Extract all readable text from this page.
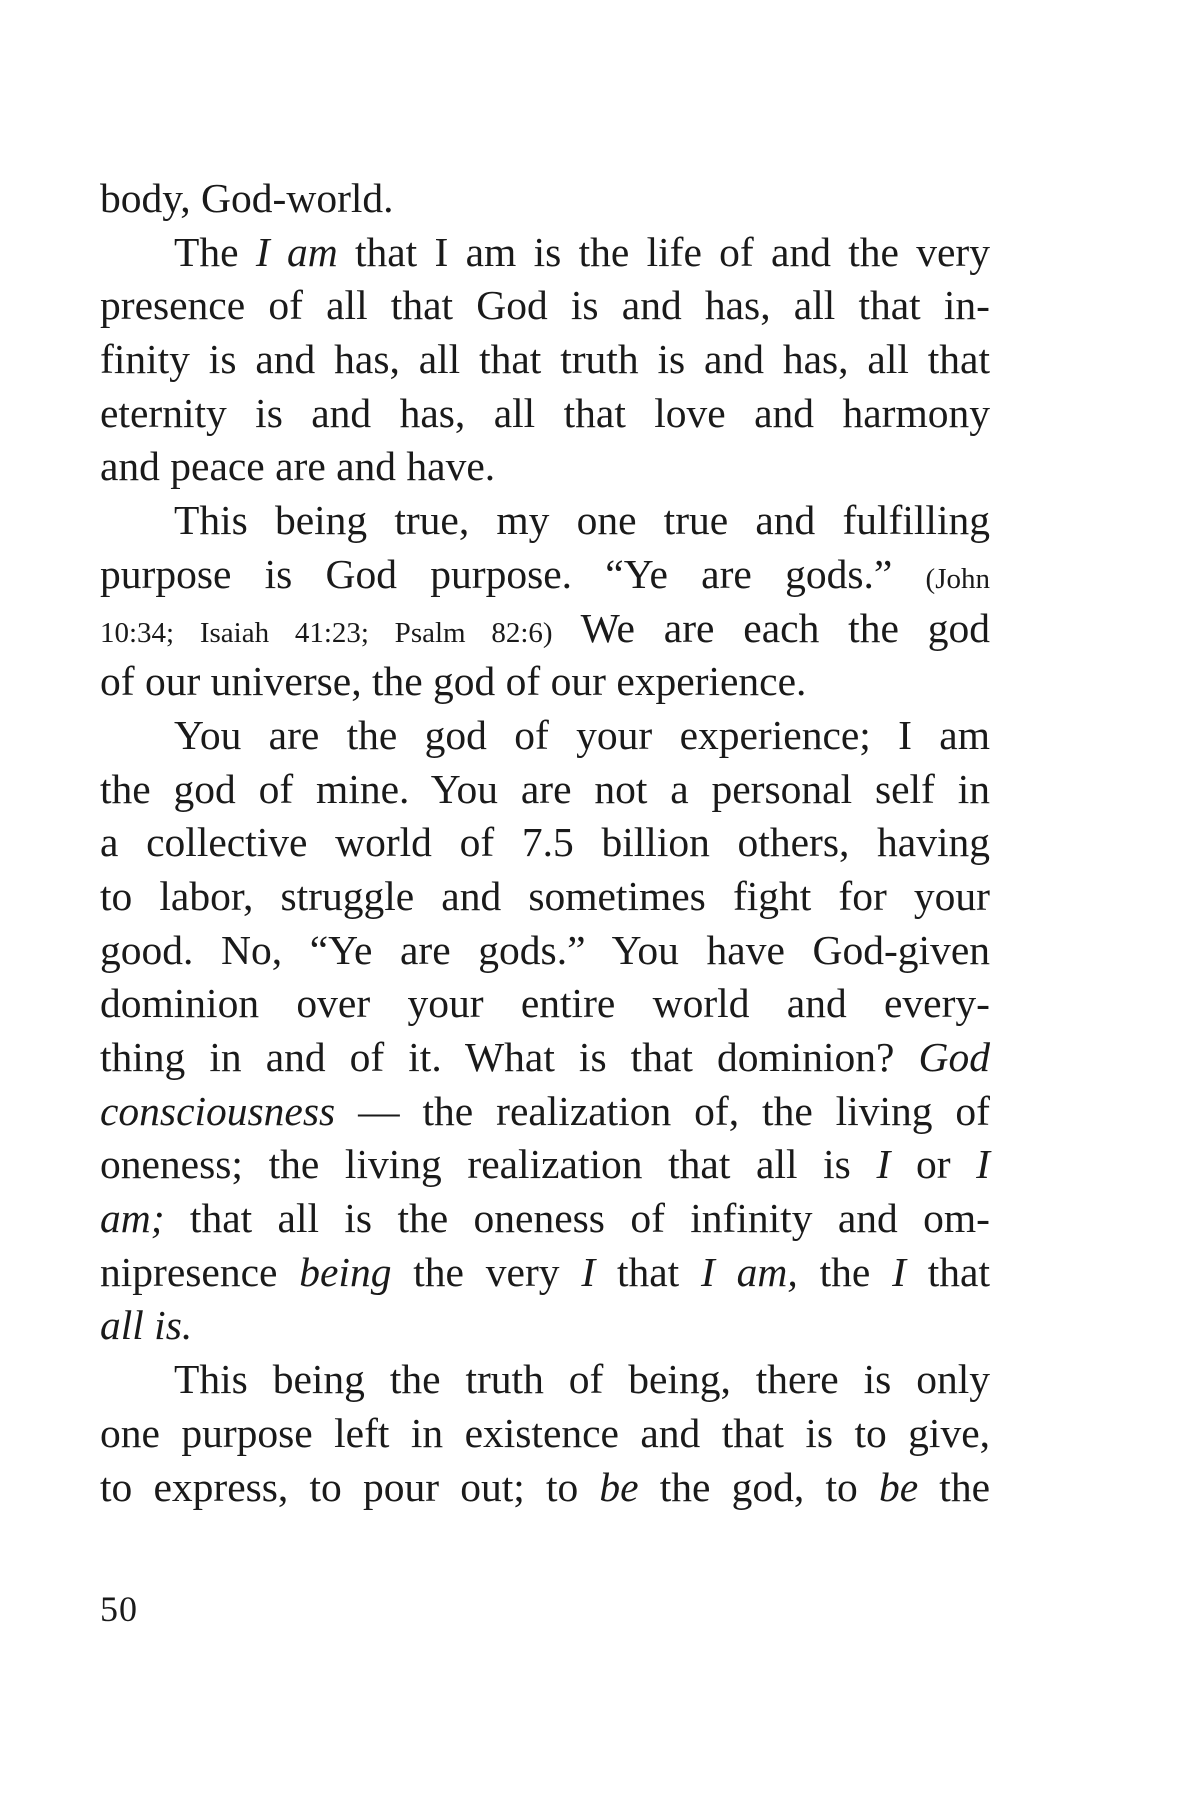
body, God-world.
The I am that I am is the life of and the very
presence of all that God is and has, all that in-
finity is and has, all that truth is and has, all that
eternity is and has, all that love and harmony
and peace are and have.
This being true, my one true and fulfilling
purpose is God purpose. “Ye are gods.” (John
10:34; Isaiah 41:23; Psalm 82:6) We are each the god
of our universe, the god of our experience.
You are the god of your experience; I am
the god of mine. You are not a personal self in
a collective world of 7.5 billion others, having
to labor, struggle and sometimes fight for your
good. No, “Ye are gods.” You have God-given
dominion over your entire world and every-
thing in and of it. What is that dominion? God
consciousness — the realization of, the living of
oneness; the living realization that all is I or I
am; that all is the oneness of infinity and om-
nipresence being the very I that I am, the I that
all is.
This being the truth of being, there is only
one purpose left in existence and that is to give,
to express, to pour out; to be the god, to be the
50
